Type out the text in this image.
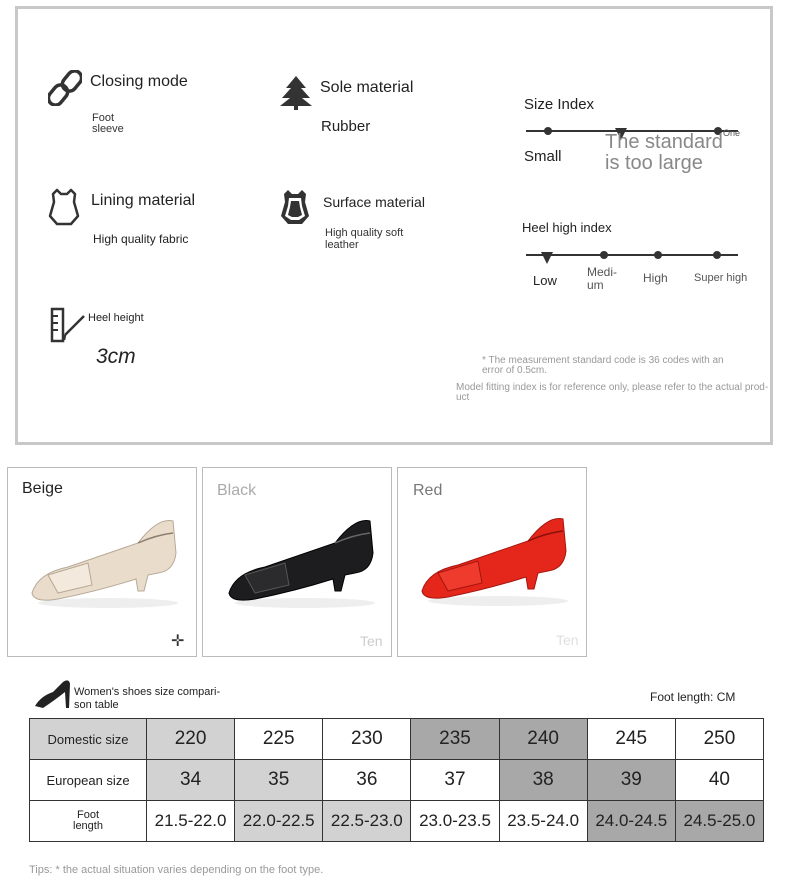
Closing mode
Foot
sleeve
Sole material
Rubber
Lining material
High quality fabric
Surface material
High quality soft
leather
Heel height
3cm
Size Index
Small
One
The standard
is too large
Heel high index
Low
Medi-
um	High Super high
* The measurement standard code is 36 codes with an
error of 0.5cm.
Model fitting index is for reference only, please refer to the actual prod-
uct
Beige
✛
Black
Ten
Red
Ten
Women's shoes size compari-
son table
Foot length: CM
Domestic size	220	225	230	235	240	245	250
European size	34	35	36	37	38	39	40

Foot
length	21.5-22.0	22.0-22.5	22.5-23.0	23.0-23.5	23.5-24.0	24.0-24.5	24.5-25.0
Tips: * the actual situation varies depending on the foot type.
